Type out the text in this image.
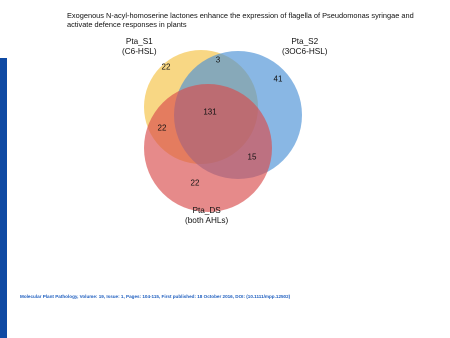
Exogenous N-acyl-homoserine lactones enhance the expression of flagella of Pseudomonas syringae and activate defence responses in plants
Pta_S1
(C6-HSL)
Pta_S2
(3OC6-HSL)
Pta_DS
(both AHLs)
22
3
41
131
22
15
22
Molecular Plant Pathology, Volume: 19, Issue: 1, Pages: 104-115, First published: 18 October 2016, DOI: (10.1111/mpp.12502)
